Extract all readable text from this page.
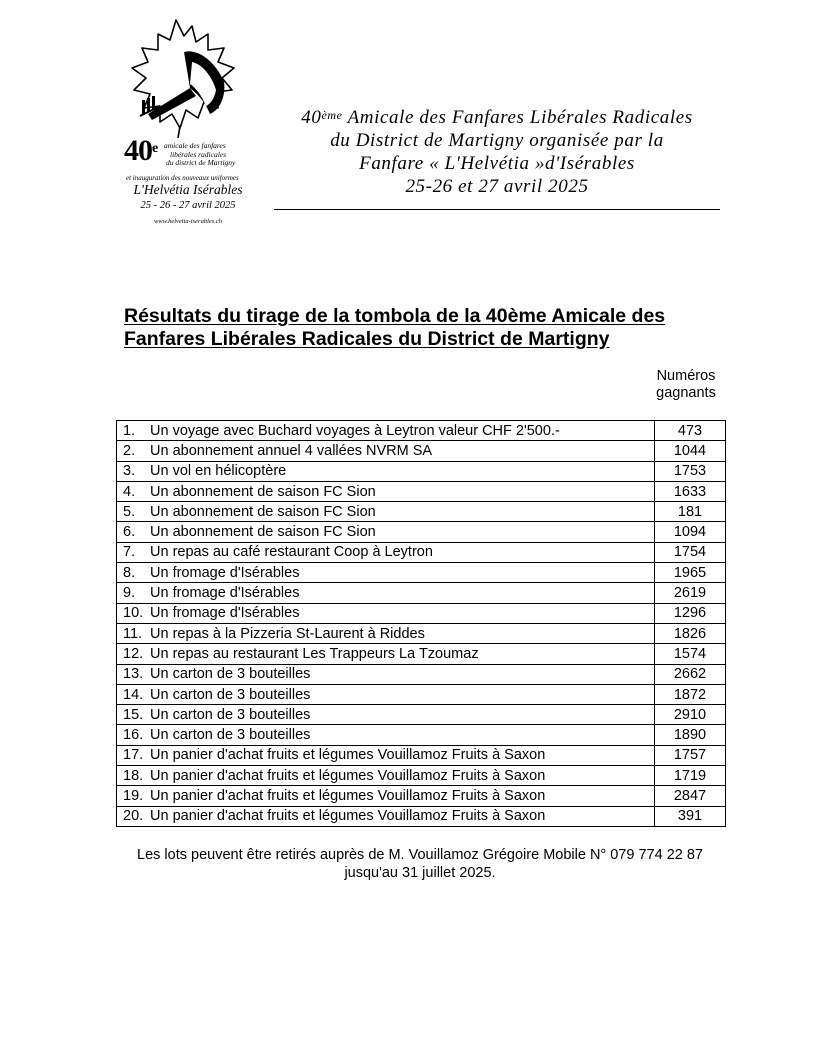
40e amicale des fanfares
libérales radicales
du district de Martigny
et inauguration des nouveaux uniformes
L'Helvétia Isérables
25 - 26 - 27 avril 2025
www.helvetia-iserables.ch
40ème Amicale des Fanfares Libérales Radicales
du District de Martigny organisée par la
Fanfare « L'Helvétia »d'Isérables
25-26 et 27 avril 2025
Résultats du tirage de la tombola de la 40ème Amicale des
Fanfares Libérales Radicales du District de Martigny
Numéros
gagnants
1. Un voyage avec Buchard voyages à Leytron valeur CHF 2'500.-	473
2. Un abonnement annuel 4 vallées NVRM SA	1044
3. Un vol en hélicoptère	1753
4. Un abonnement de saison FC Sion	1633
5. Un abonnement de saison FC Sion	181
6. Un abonnement de saison FC Sion	1094
7. Un repas au café restaurant Coop à Leytron	1754
8. Un fromage d'Isérables	1965
9. Un fromage d'Isérables	2619
10. Un fromage d'Isérables	1296
11. Un repas à la Pizzeria St-Laurent à Riddes	1826
12. Un repas au restaurant Les Trappeurs La Tzoumaz	1574
13. Un carton de 3 bouteilles	2662
14. Un carton de 3 bouteilles	1872
15. Un carton de 3 bouteilles	2910
16. Un carton de 3 bouteilles	1890
17. Un panier d'achat fruits et légumes Vouillamoz Fruits à Saxon	1757
18. Un panier d'achat fruits et légumes Vouillamoz Fruits à Saxon	1719
19. Un panier d'achat fruits et légumes Vouillamoz Fruits à Saxon	2847
20. Un panier d'achat fruits et légumes Vouillamoz Fruits à Saxon	391
Les lots peuvent être retirés auprès de M. Vouillamoz Grégoire Mobile N° 079 774 22 87
jusqu'au 31 juillet 2025.
